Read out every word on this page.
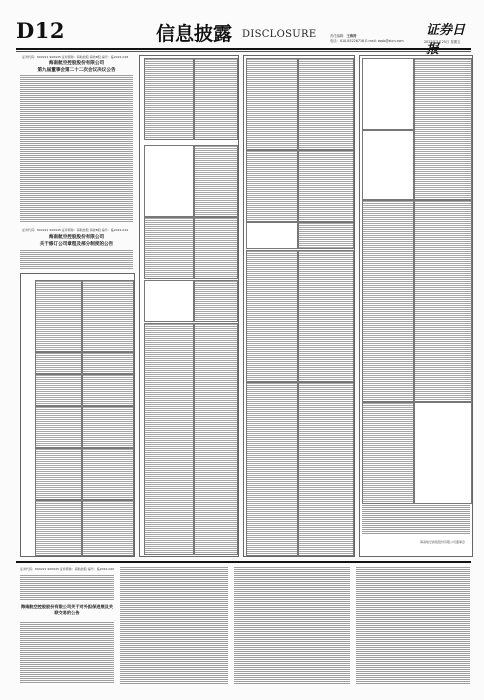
D12	信息披露 DISCLOSURE	责任编辑：王海涛
电话：010-85226716 E-mail: zqsb@stcn.com
证券日
2022年3月25日 星期五
证券代码：600221 900945 证券简称：海航控股 海控B股 编号：临2022-018
海南航空控股股份有限公司
第九届董事会第二十二次会议决议公告
证券代码：600221 900945 证券简称：海航控股 海控B股 编号：临2022-019
海南航空控股股份有限公司
关于修订公司章程及部分制度的公告
海南航空控股股份有限公司董事会
证券代码：600221 900945 证券简称：海航控股 编号：临2022-020
海南航空控股股份有限公司关于对外担保进展及关联交易的公告
